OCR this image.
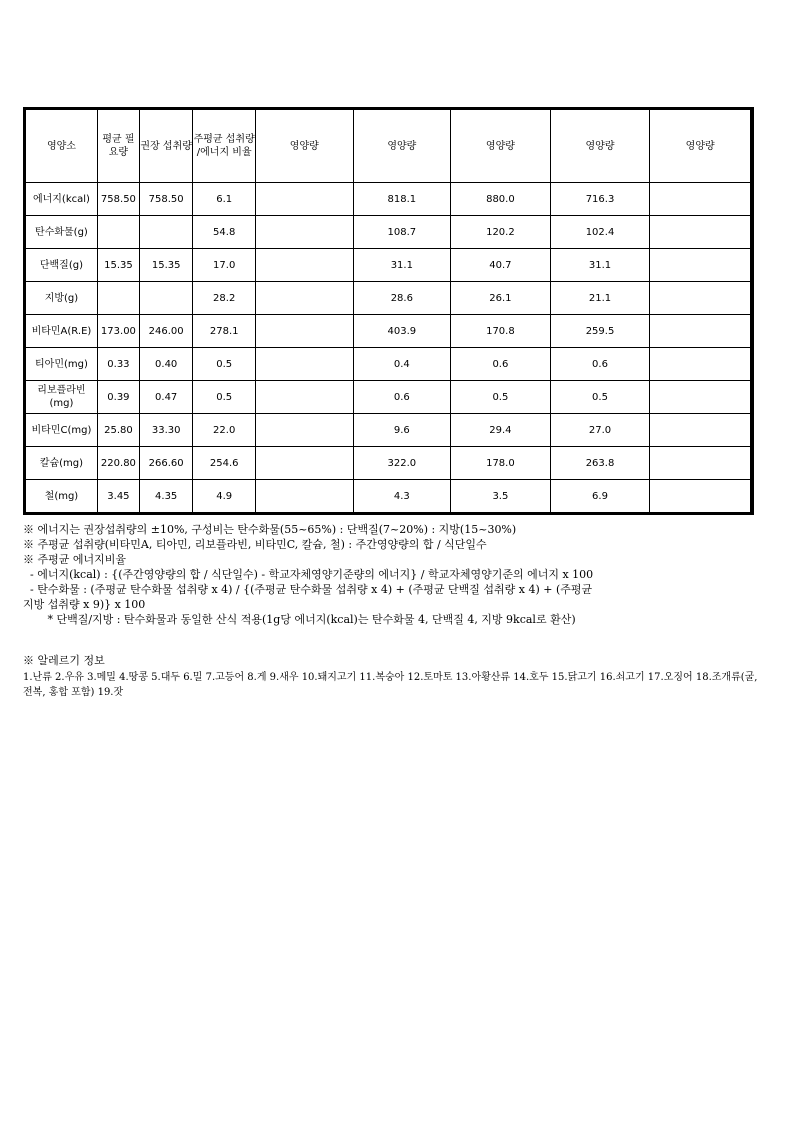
영양소	평균 필요량	권장 섭취량	주평균 섭취량 /에너지 비율	영양량	영양량	영양량	영양량	영양량
에너지(kcal)	758.50	758.50	6.1		818.1	880.0	716.3	
탄수화물(g)			54.8		108.7	120.2	102.4	
단백질(g)	15.35	15.35	17.0		31.1	40.7	31.1	
지방(g)			28.2		28.6	26.1	21.1	
비타민A(R.E)	173.00	246.00	278.1		403.9	170.8	259.5	
티아민(mg)	0.33	0.40	0.5		0.4	0.6	0.6	
리보플라빈 (mg)	0.39	0.47	0.5		0.6	0.5	0.5	
비타민C(mg)	25.80	33.30	22.0		9.6	29.4	27.0	
칼슘(mg)	220.80	266.60	254.6		322.0	178.0	263.8	
철(mg)	3.45	4.35	4.9		4.3	3.5	6.9	
※ 에너지는 권장섭취량의 ±10%, 구성비는 탄수화물(55~65%) : 단백질(7~20%) : 지방(15~30%)
※ 주평균 섭취량(비타민A, 티아민, 리보플라빈, 비타민C, 칼슘, 철) : 주간영양량의 합 / 식단일수
※ 주평균 에너지비율
- 에너지(kcal) : {(주간영양량의 합 / 식단일수) - 학교자체영양기준량의 에너지} / 학교자체영양기준의 에너지 x 100
- 탄수화물 : (주평균 탄수화물 섭취량 x 4) / {(주평균 탄수화물 섭취량 x 4) + (주평균 단백질 섭취량 x 4) + (주평균
지방 섭취량 x 9)} x 100
* 단백질/지방 : 탄수화물과 동일한 산식 적용(1g당 에너지(kcal)는 탄수화물 4, 단백질 4, 지방 9kcal로 환산)
※ 알레르기 정보
1.난류 2.우유 3.메밀 4.땅콩 5.대두 6.밀 7.고등어 8.게 9.새우 10.돼지고기 11.복숭아 12.토마토 13.아황산류 14.호두 15.닭고기 16.쇠고기 17.오징어 18.조개류(굴, 전복, 홍합 포함) 19.잣
